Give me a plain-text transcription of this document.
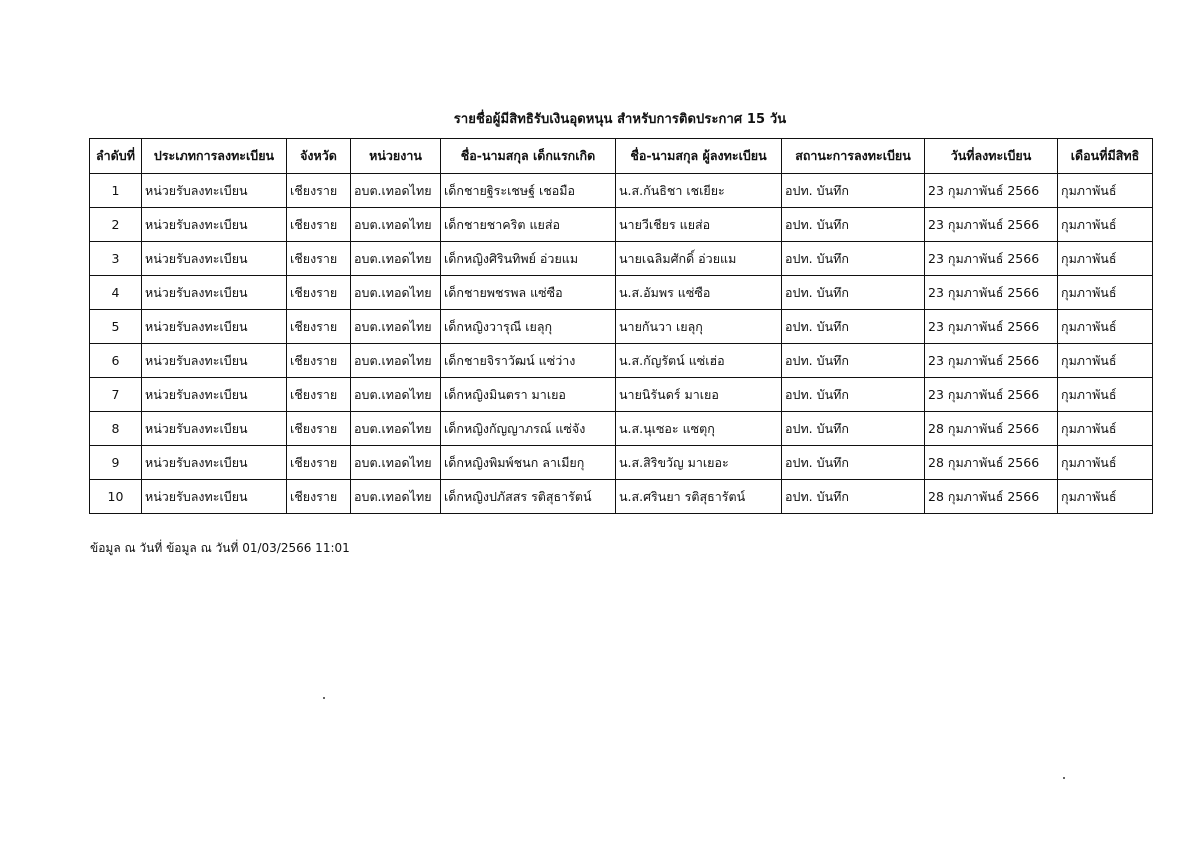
รายชื่อผู้มีสิทธิรับเงินอุดหนุน สำหรับการติดประกาศ 15 วัน
ลำดับที่	ประเภทการลงทะเบียน	จังหวัด	หน่วยงาน	ชื่อ-นามสกุล เด็กแรกเกิด	ชื่อ-นามสกุล ผู้ลงทะเบียน	สถานะการลงทะเบียน	วันที่ลงทะเบียน	เดือนที่มีสิทธิ
1	หน่วยรับลงทะเบียน	เชียงราย	อบต.เทอดไทย	เด็กชายฐิระเชษฐ์ เชอมือ	น.ส.กันธิชา เชเยียะ	อปท. บันทึก	23 กุมภาพันธ์ 2566	กุมภาพันธ์
2	หน่วยรับลงทะเบียน	เชียงราย	อบต.เทอดไทย	เด็กชายชาคริต แยส่อ	นายวีเชียร แยส่อ	อปท. บันทึก	23 กุมภาพันธ์ 2566	กุมภาพันธ์
3	หน่วยรับลงทะเบียน	เชียงราย	อบต.เทอดไทย	เด็กหญิงศิรินทิพย์ อ่วยแม	นายเฉลิมศักดิ์ อ่วยแม	อปท. บันทึก	23 กุมภาพันธ์ 2566	กุมภาพันธ์
4	หน่วยรับลงทะเบียน	เชียงราย	อบต.เทอดไทย	เด็กชายพชรพล แซ่ซือ	น.ส.อัมพร แซ่ซือ	อปท. บันทึก	23 กุมภาพันธ์ 2566	กุมภาพันธ์
5	หน่วยรับลงทะเบียน	เชียงราย	อบต.เทอดไทย	เด็กหญิงวารุณี เยลุกุ	นายกันวา เยลุกุ	อปท. บันทึก	23 กุมภาพันธ์ 2566	กุมภาพันธ์
6	หน่วยรับลงทะเบียน	เชียงราย	อบต.เทอดไทย	เด็กชายจิราวัฒน์ แซ่ว่าง	น.ส.กัญรัตน์ แซ่เฮ่อ	อปท. บันทึก	23 กุมภาพันธ์ 2566	กุมภาพันธ์
7	หน่วยรับลงทะเบียน	เชียงราย	อบต.เทอดไทย	เด็กหญิงมินตรา มาเยอ	นายนิรันดร์ มาเยอ	อปท. บันทึก	23 กุมภาพันธ์ 2566	กุมภาพันธ์
8	หน่วยรับลงทะเบียน	เชียงราย	อบต.เทอดไทย	เด็กหญิงกัญญาภรณ์ แซ่จัง	น.ส.นุเซอะ แซตุกุ	อปท. บันทึก	28 กุมภาพันธ์ 2566	กุมภาพันธ์
9	หน่วยรับลงทะเบียน	เชียงราย	อบต.เทอดไทย	เด็กหญิงพิมพ์ชนก ลาเมียกุ	น.ส.สิริขวัญ มาเยอะ	อปท. บันทึก	28 กุมภาพันธ์ 2566	กุมภาพันธ์
10	หน่วยรับลงทะเบียน	เชียงราย	อบต.เทอดไทย	เด็กหญิงปภัสสร รติสุธารัตน์	น.ส.ศรินยา รติสุธารัตน์	อปท. บันทึก	28 กุมภาพันธ์ 2566	กุมภาพันธ์
ข้อมูล ณ วันที่ ข้อมูล ณ วันที่ 01/03/2566 11:01
